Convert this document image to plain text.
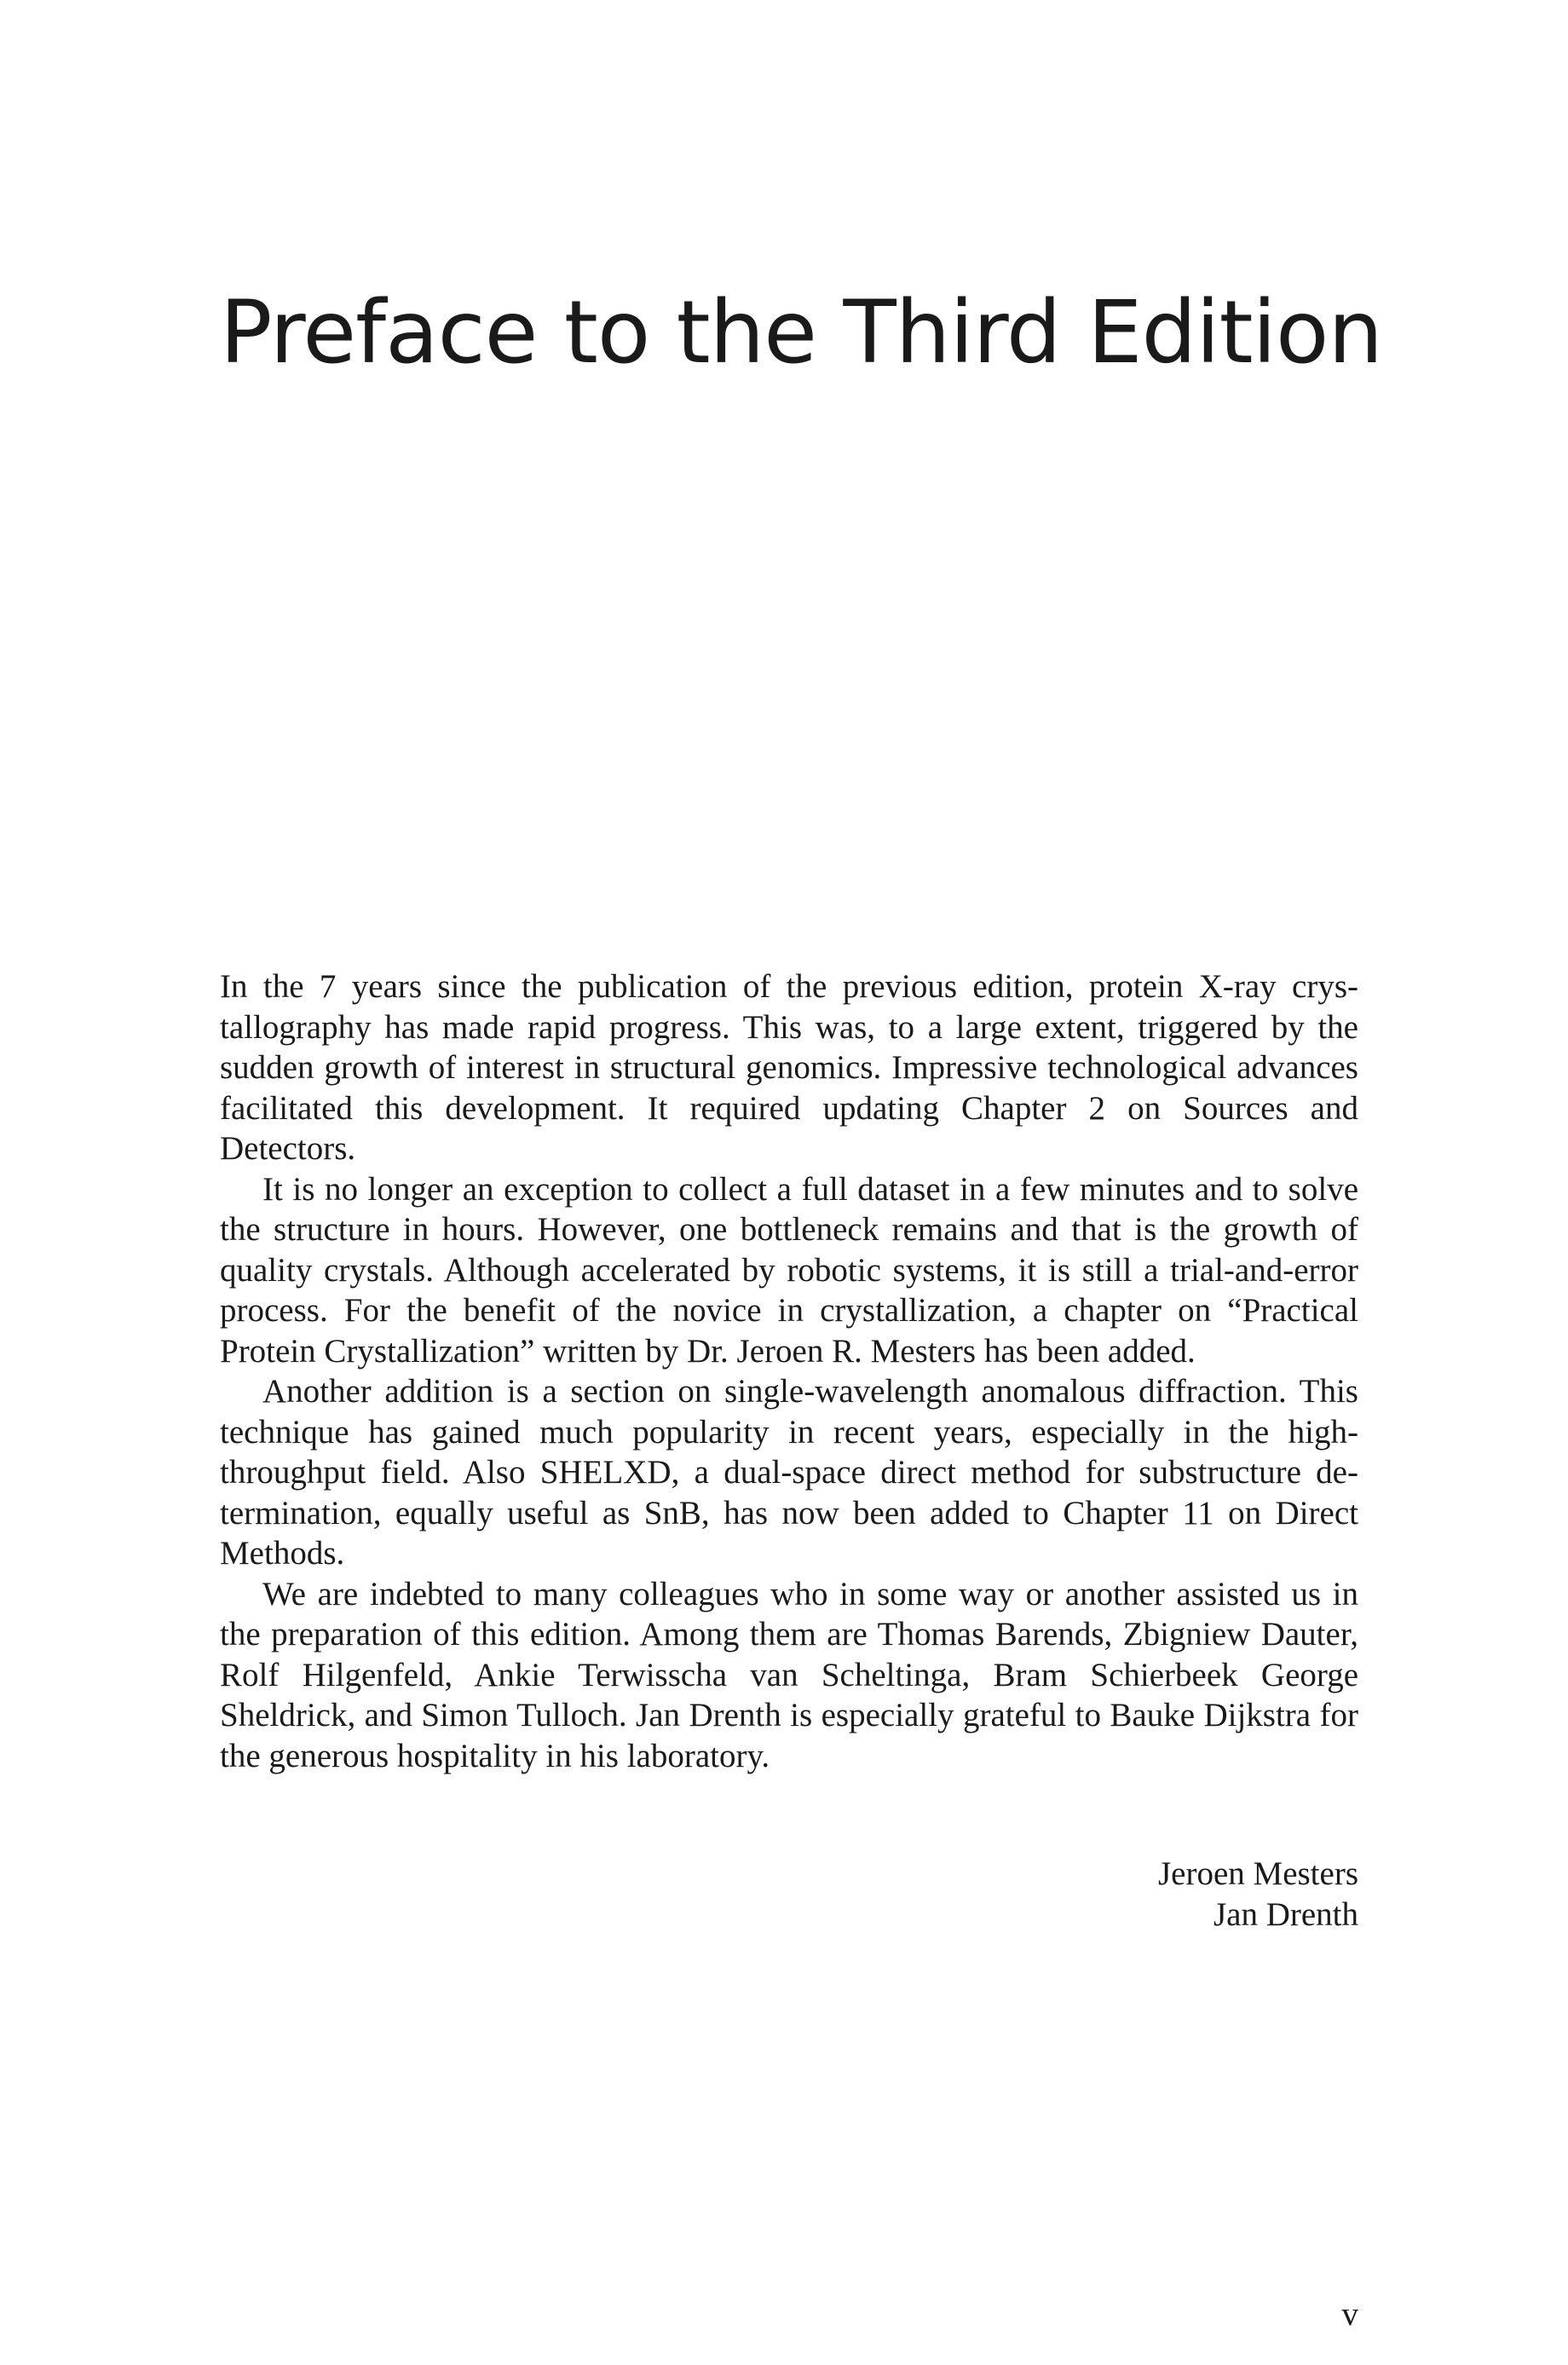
Preface to the Third Edition

In the 7 years since the publication of the previous edition, protein X-ray crystallography has made rapid progress. This was, to a large extent, triggered by the sudden growth of interest in structural genomics. Impressive technological advances facilitated this development. It required updating Chapter 2 on Sources and Detectors.

It is no longer an exception to collect a full dataset in a few minutes and to solve the structure in hours. However, one bottleneck remains and that is the growth of quality crystals. Although accelerated by robotic systems, it is still a trial-and-error process. For the benefit of the novice in crystallization, a chapter on “Practical Protein Crystallization” written by Dr. Jeroen R. Mesters has been added.

Another addition is a section on single-wavelength anomalous diffraction. This technique has gained much popularity in recent years, especially in the high-throughput field. Also SHELXD, a dual-space direct method for substructure determination, equally useful as SnB, has now been added to Chapter 11 on Direct Methods.

We are indebted to many colleagues who in some way or another assisted us in the preparation of this edition. Among them are Thomas Barends, Zbigniew Dauter, Rolf Hilgenfeld, Ankie Terwisscha van Scheltinga, Bram Schierbeek George Sheldrick, and Simon Tulloch. Jan Drenth is especially grateful to Bauke Dijkstra for the generous hospitality in his laboratory.

Jeroen Mesters
Jan Drenth
v
